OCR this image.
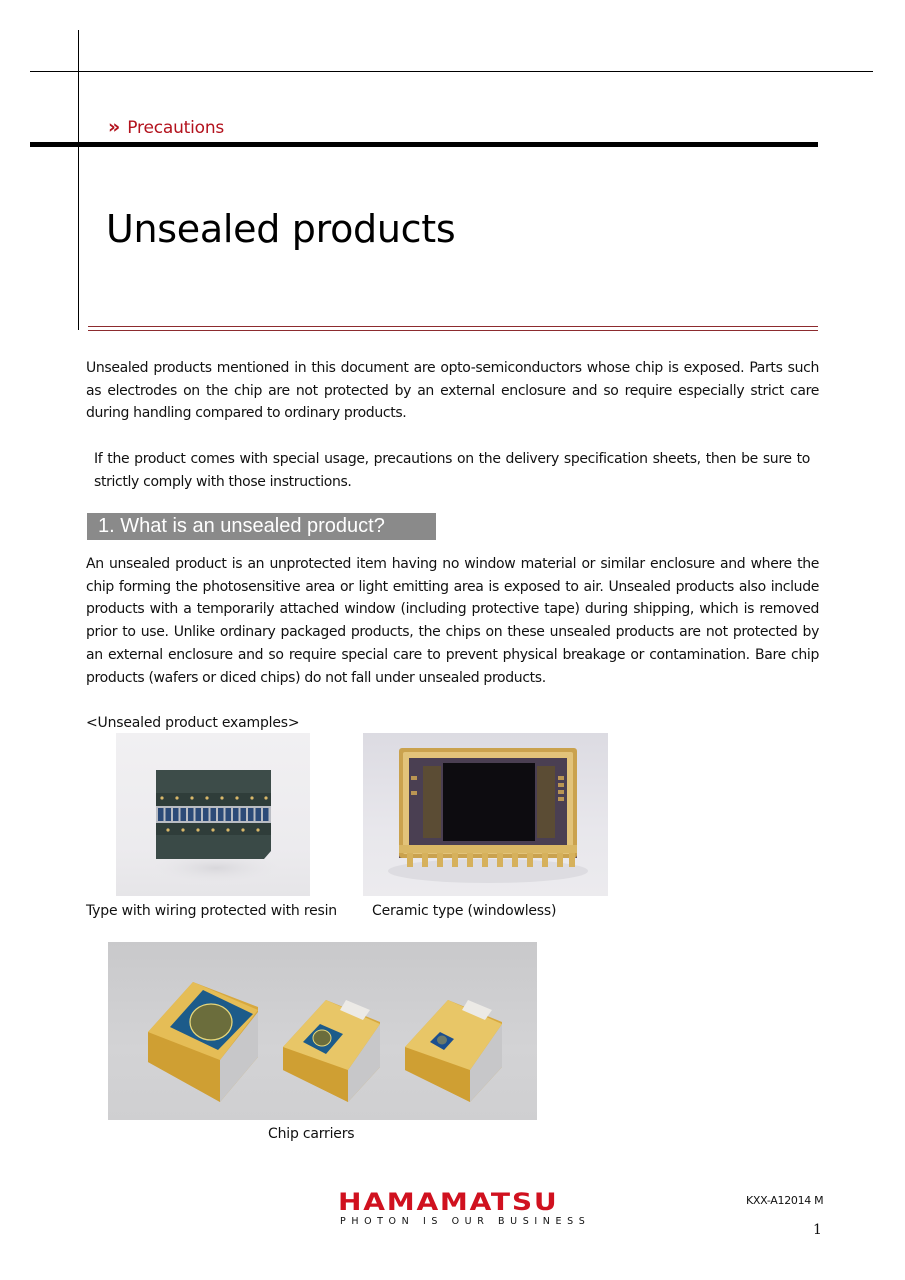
» Precautions
Unsealed products
Unsealed products mentioned in this document are opto-semiconductors whose chip is exposed. Parts such as electrodes on the chip are not protected by an external enclosure and so require especially strict care during handling compared to ordinary products.
If the product comes with special usage, precautions on the delivery specification sheets, then be sure to strictly comply with those instructions.
1. What is an unsealed product?
An unsealed product is an unprotected item having no window material or similar enclosure and where the chip forming the photosensitive area or light emitting area is exposed to air. Unsealed products also include products with a temporarily attached window (including protective tape) during shipping, which is removed prior to use. Unlike ordinary packaged products, the chips on these unsealed products are not protected by an external enclosure and so require special care to prevent physical breakage or contamination. Bare chip products (wafers or diced chips) do not fall under unsealed products.
<Unsealed product examples>
Type with wiring protected with resin	Ceramic type (windowless)
Chip carriers
HAMAMATSU
PHOTON IS OUR BUSINESS
KXX-A12014 M
1
